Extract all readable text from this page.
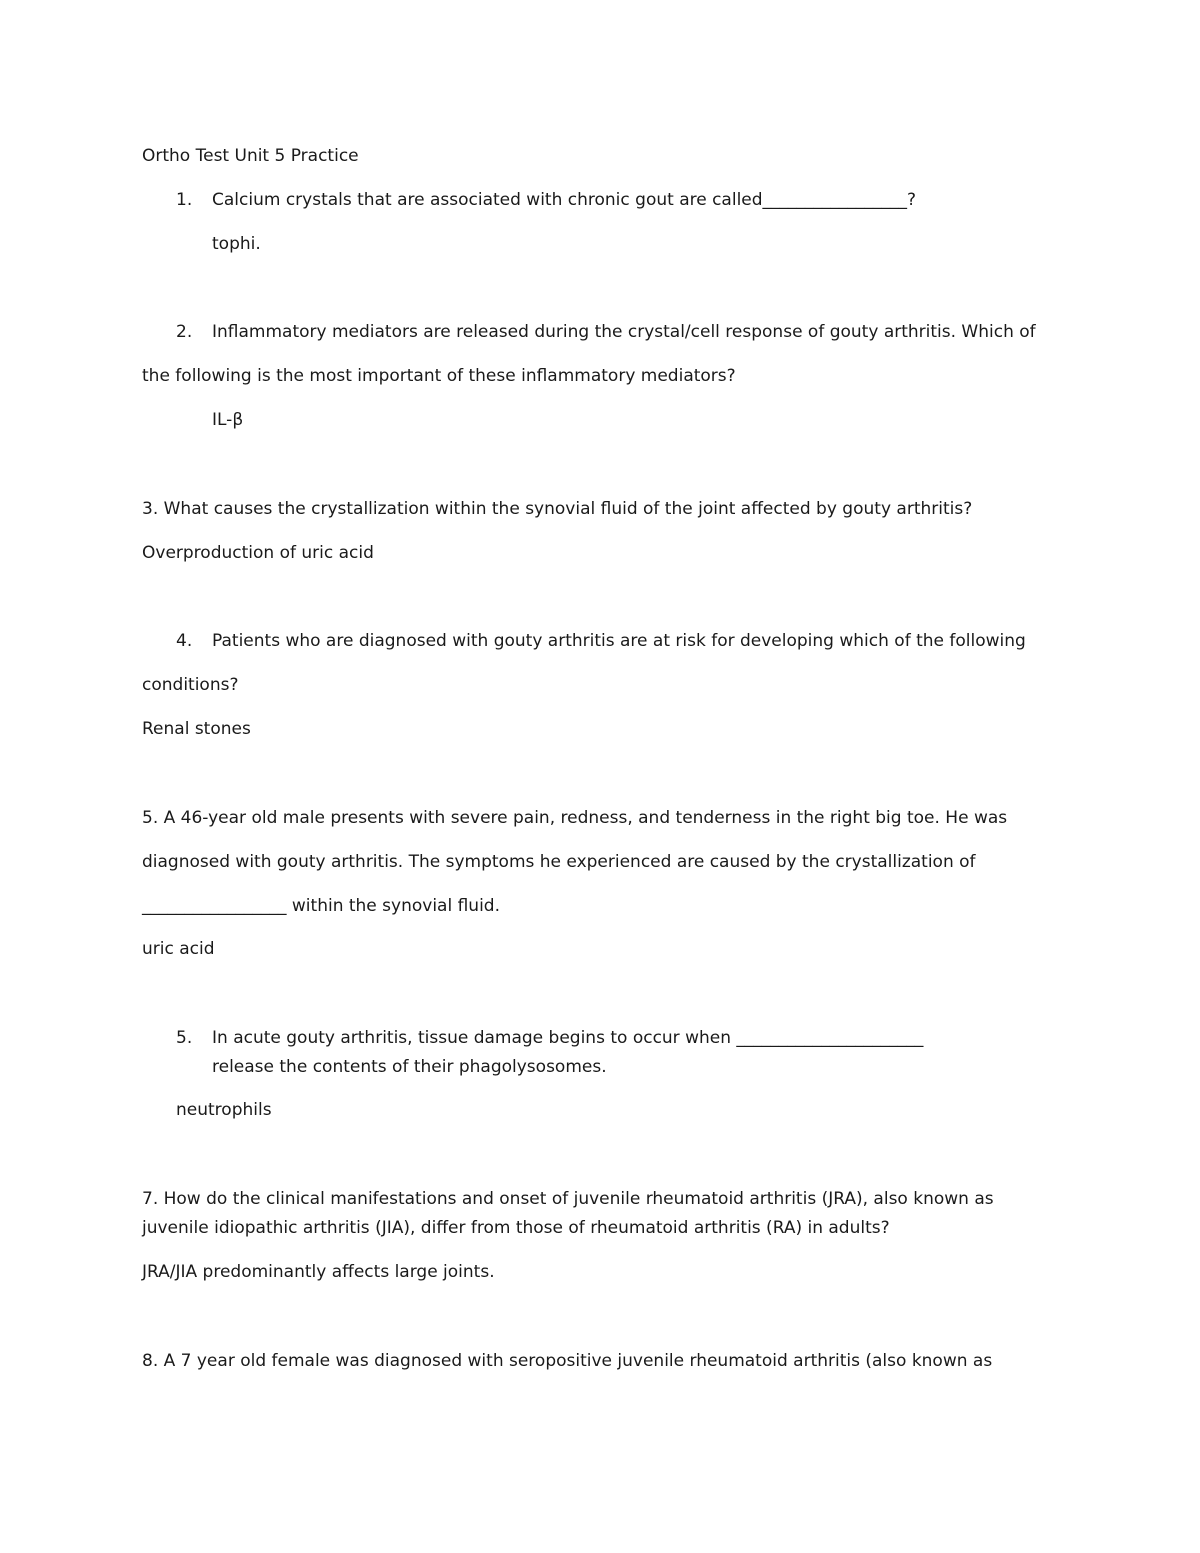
Ortho Test Unit 5 Practice
1. Calcium crystals that are associated with chronic gout are called_________________?
tophi.
2. Inflammatory mediators are released during the crystal/cell response of gouty arthritis. Which of
the following is the most important of these inflammatory mediators?
IL-β
3. What causes the crystallization within the synovial fluid of the joint affected by gouty arthritis?
Overproduction of uric acid
4. Patients who are diagnosed with gouty arthritis are at risk for developing which of the following
conditions?
Renal stones
5. A 46-year old male presents with severe pain, redness, and tenderness in the right big toe. He was
diagnosed with gouty arthritis. The symptoms he experienced are caused by the crystallization of
_________________ within the synovial fluid.
uric acid
5. In acute gouty arthritis, tissue damage begins to occur when ______________________
release the contents of their phagolysosomes.
neutrophils
7. How do the clinical manifestations and onset of juvenile rheumatoid arthritis (JRA), also known as
juvenile idiopathic arthritis (JIA), differ from those of rheumatoid arthritis (RA) in adults?
JRA/JIA predominantly affects large joints.
8. A 7 year old female was diagnosed with seropositive juvenile rheumatoid arthritis (also known as
